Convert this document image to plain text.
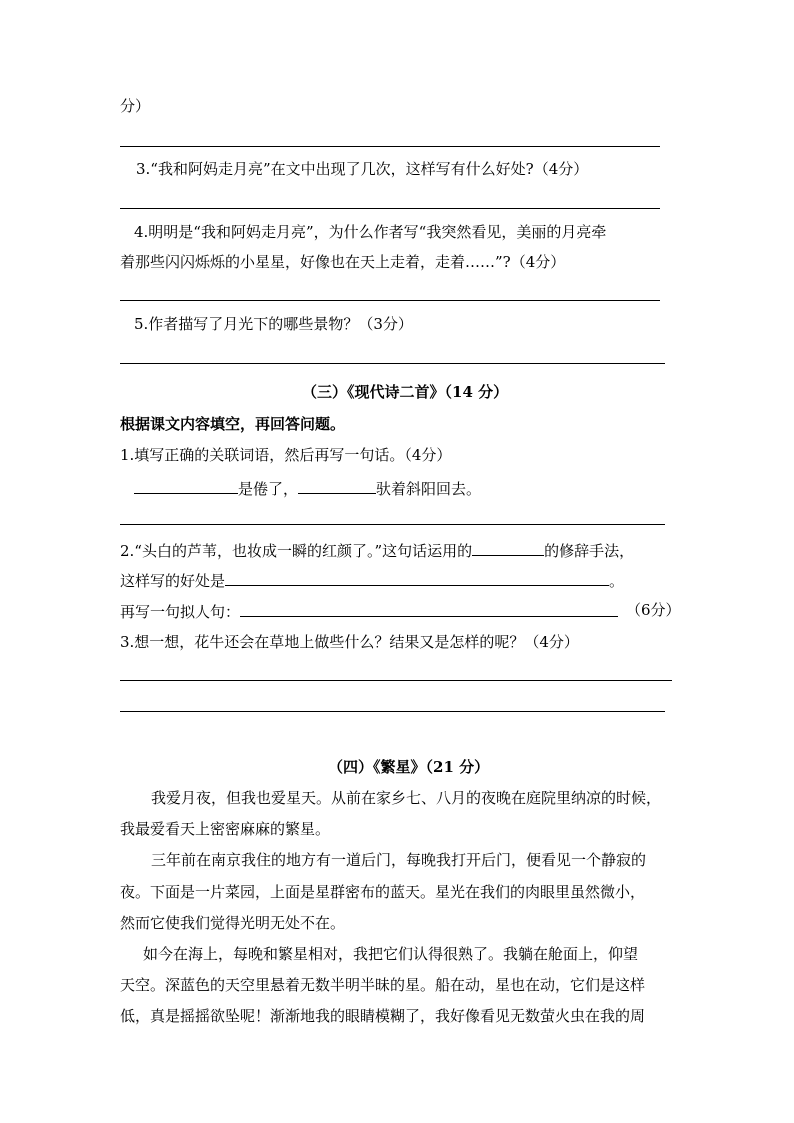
分）
3.“我和阿妈走月亮”在文中出现了几次，这样写有什么好处?（4分）
4.明明是“我和阿妈走月亮”，为什么作者写“我突然看见，美丽的月亮牵
着那些闪闪烁烁的小星星，好像也在天上走着，走着……”?（4分）
5.作者描写了月光下的哪些景物？（3分）
（三）《现代诗二首》（14 分）
根据课文内容填空，再回答问题。
1.填写正确的关联词语，然后再写一句话。（4分）
是倦了，	驮着斜阳回去。
2.“头白的芦苇，也妆成一瞬的红颜了。”这句话运用的	的修辞手法，
这样写的好处是	。
再写一句拟人句：	（6分）
3.想一想，花牛还会在草地上做些什么？结果又是怎样的呢？（4分）
（四）《繁星》（21 分）
我爱月夜，但我也爱星天。从前在家乡七、八月的夜晚在庭院里纳凉的时候，
我最爱看天上密密麻麻的繁星。
三年前在南京我住的地方有一道后门，每晚我打开后门，便看见一个静寂的
夜。下面是一片菜园，上面是星群密布的蓝天。星光在我们的肉眼里虽然微小，
然而它使我们觉得光明无处不在。
如今在海上，每晚和繁星相对，我把它们认得很熟了。我躺在舱面上，仰望
天空。深蓝色的天空里悬着无数半明半昧的星。船在动，星也在动，它们是这样
低，真是摇摇欲坠呢！渐渐地我的眼睛模糊了，我好像看见无数萤火虫在我的周
